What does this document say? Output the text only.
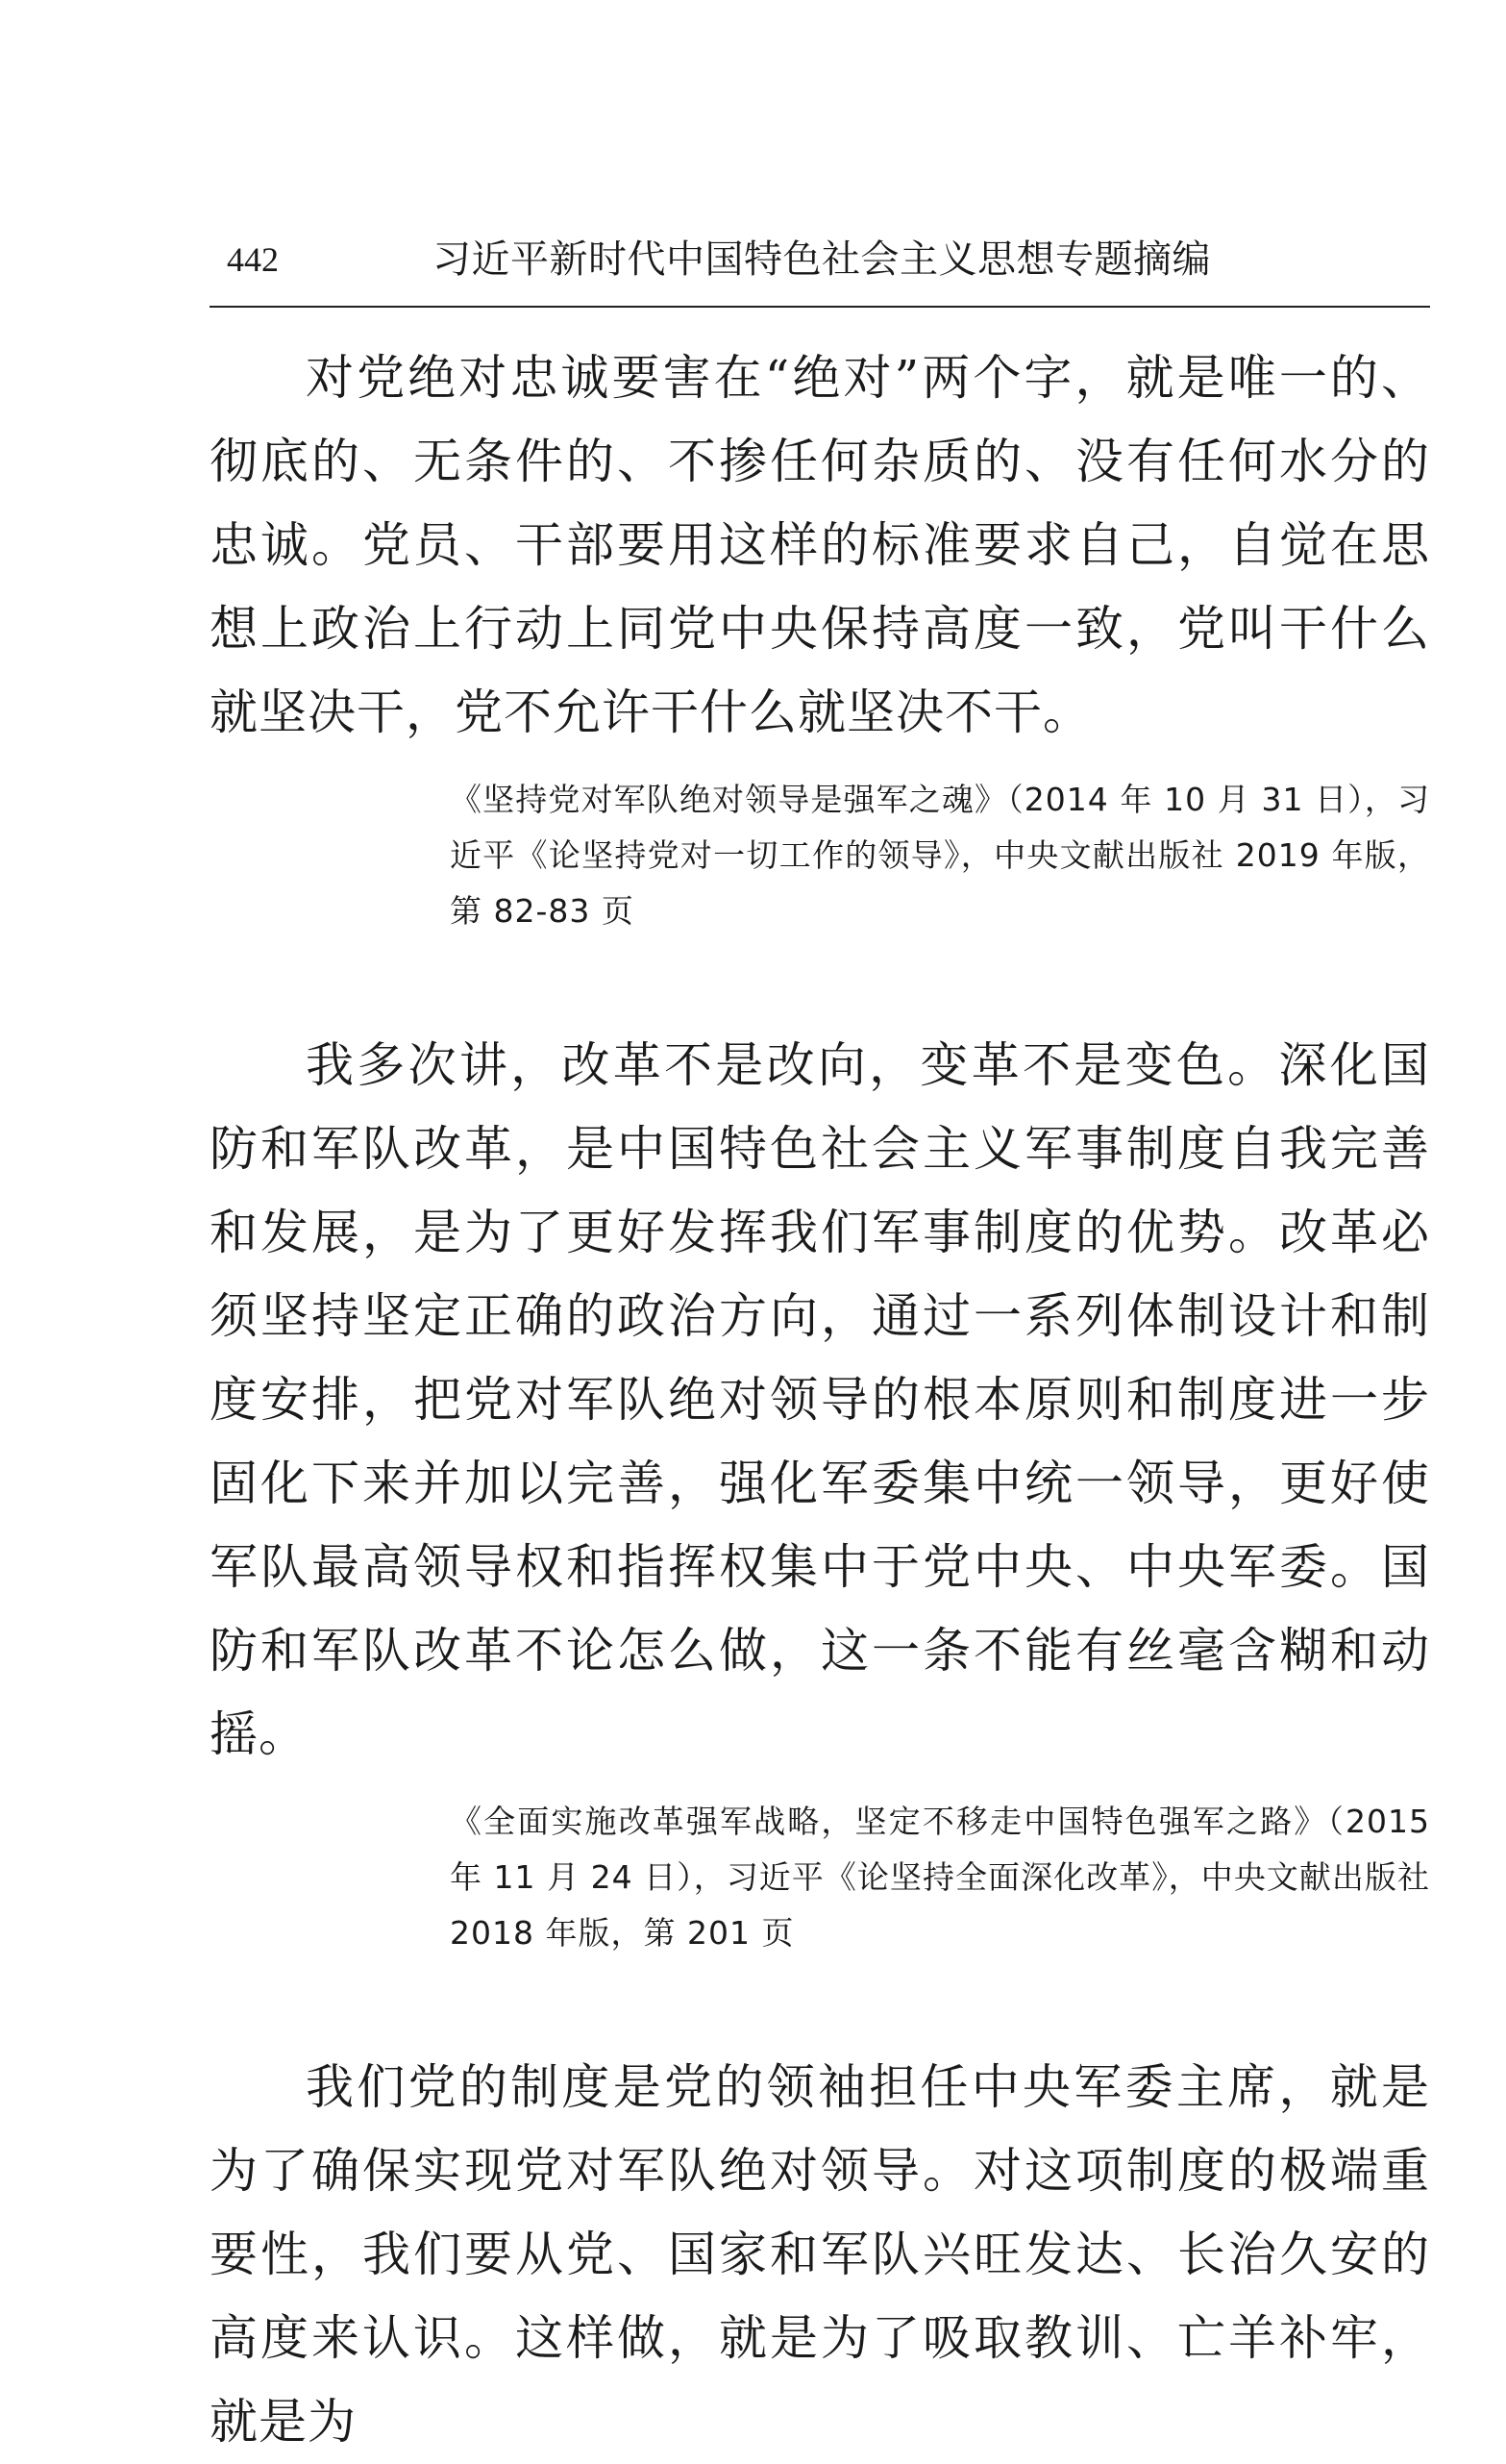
442	习近平新时代中国特色社会主义思想专题摘编

对党绝对忠诚要害在“绝对”两个字，就是唯一的、彻底的、无条件的、不掺任何杂质的、没有任何水分的忠诚。党员、干部要用这样的标准要求自己，自觉在思想上政治上行动上同党中央保持高度一致，党叫干什么就坚决干，党不允许干什么就坚决不干。

《坚持党对军队绝对领导是强军之魂》（2014 年 10 月 31 日），习近平《论坚持党对一切工作的领导》，中央文献出版社 2019 年版，第 82-83 页

我多次讲，改革不是改向，变革不是变色。深化国防和军队改革，是中国特色社会主义军事制度自我完善和发展，是为了更好发挥我们军事制度的优势。改革必须坚持坚定正确的政治方向，通过一系列体制设计和制度安排，把党对军队绝对领导的根本原则和制度进一步固化下来并加以完善，强化军委集中统一领导，更好使军队最高领导权和指挥权集中于党中央、中央军委。国防和军队改革不论怎么做，这一条不能有丝毫含糊和动摇。

《全面实施改革强军战略，坚定不移走中国特色强军之路》（2015 年 11 月 24 日），习近平《论坚持全面深化改革》，中央文献出版社 2018 年版，第 201 页

我们党的制度是党的领袖担任中央军委主席，就是为了确保实现党对军队绝对领导。对这项制度的极端重要性，我们要从党、国家和军队兴旺发达、长治久安的高度来认识。这样做，就是为了吸取教训、亡羊补牢，就是为
